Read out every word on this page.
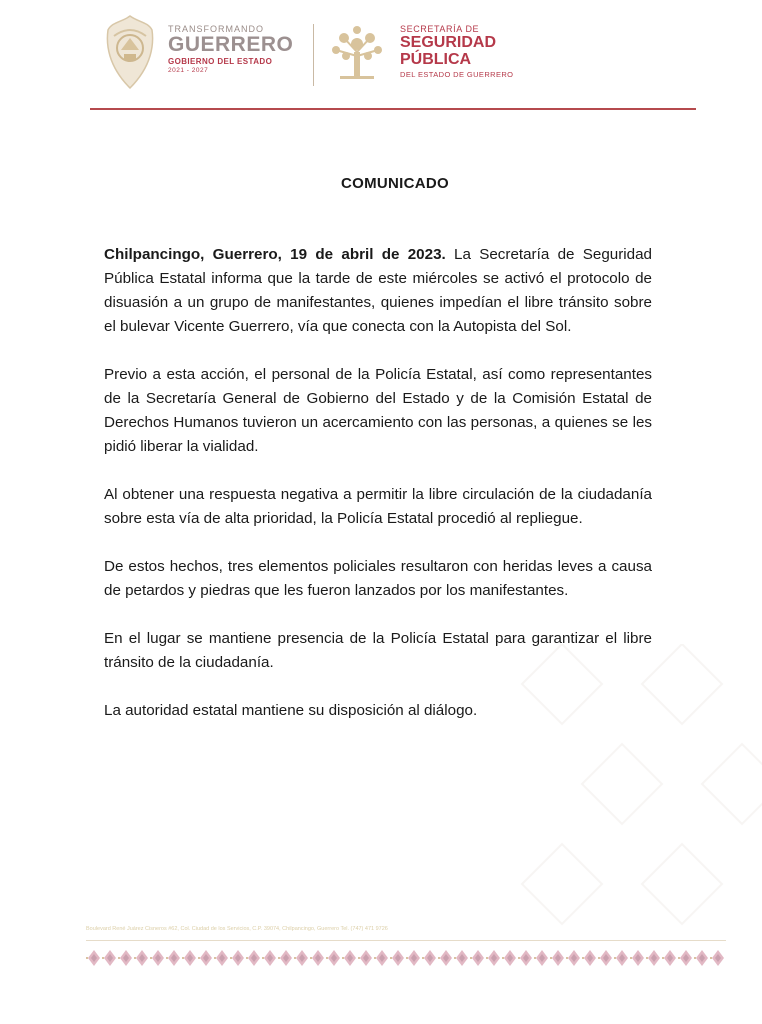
TRANSFORMANDO
GUERRERO
GOBIERNO DEL ESTADO
2021 - 2027
SECRETARÍA DE
SEGURIDAD
PÚBLICA
DEL ESTADO DE GUERRERO
COMUNICADO

Chilpancingo, Guerrero, 19 de abril de 2023. La Secretaría de Seguridad Pública Estatal informa que la tarde de este miércoles se activó el protocolo de disuasión a un grupo de manifestantes, quienes impedían el libre tránsito sobre el bulevar Vicente Guerrero, vía que conecta con la Autopista del Sol.

Previo a esta acción, el personal de la Policía Estatal, así como representantes de la Secretaría General de Gobierno del Estado y de la Comisión Estatal de Derechos Humanos tuvieron un acercamiento con las personas, a quienes se les pidió liberar la vialidad.

Al obtener una respuesta negativa a permitir la libre circulación de la ciudadanía sobre esta vía de alta prioridad, la Policía Estatal procedió al repliegue.

De estos hechos, tres elementos policiales resultaron con heridas leves a causa de petardos y piedras que les fueron lanzados por los manifestantes.

En el lugar se mantiene presencia de la Policía Estatal para garantizar el libre tránsito de la ciudadanía.

La autoridad estatal mantiene su disposición al diálogo.

Boulevard René Juárez Cisneros #62, Col. Ciudad de los Servicios, C.P. 39074, Chilpancingo, Guerrero Tel. (747) 471 9726
